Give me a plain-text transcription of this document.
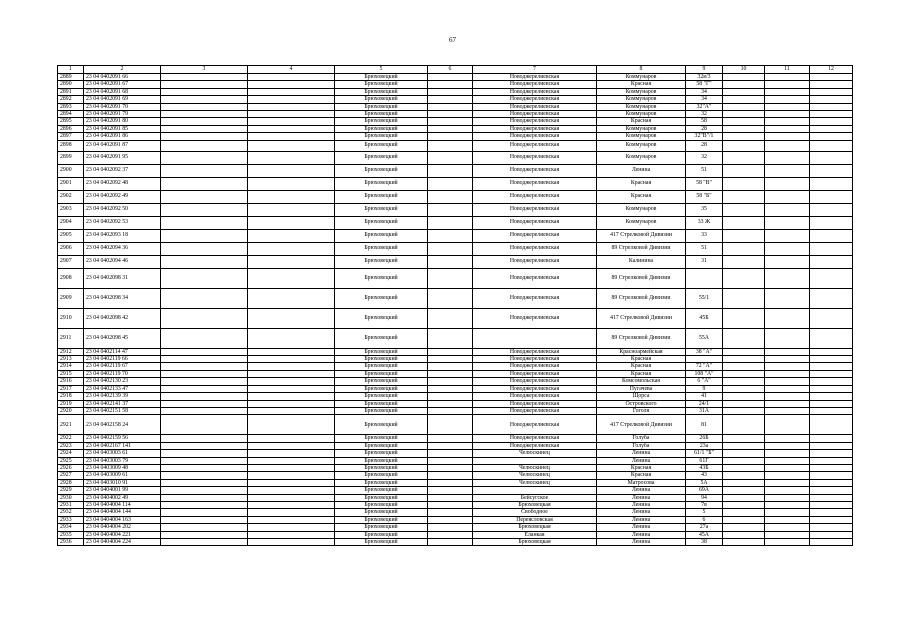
67
1	2	3	4	5	6	7	8	9	10	11	12
2889	23 04 0402091 66			Брюховецкий		Новоджерелиевская	Коммунаров	32в/3			
2890	23 04 0402091 67			Брюховецкий		Новоджерелиевская	Красная	58 "Г"			
2891	23 04 0402091 68			Брюховецкий		Новоджерелиевская	Коммунаров	34			
2892	23 04 0402091 69			Брюховецкий		Новоджерелиевская	Коммунаров	34			
2893	23 04 0402091 70			Брюховецкий		Новоджерелиевская	Коммунаров	32"А"			
2894	23 04 0402091 79			Брюховецкий		Новоджерелиевская	Коммунаров	32			
2895	23 04 0402091 80			Брюховецкий		Новоджерелиевская	Красная	58			
2896	23 04 0402091 85			Брюховецкий		Новоджерелиевская	Коммунаров	28			
2897	23 04 0402091 86			Брюховецкий		Новоджерелиевская	Коммунаров	32"В"/1			
2898	23 04 0402091 87			Брюховецкий		Новоджерелиевская	Коммунаров	28			
2899	23 04 0402091 95			Брюховецкий		Новоджерелиевская	Коммунаров	32			
2900	23 04 0402092 37			Брюховецкий		Новоджерелиевская	Ленина	51			
2901	23 04 0402092 48			Брюховецкий		Новоджерелиевская	Красная	58 "В"			
2902	23 04 0402092 49			Брюховецкий		Новоджерелиевская	Красная	58 "Б"			
2903	23 04 0402092 50			Брюховецкий		Новоджерелиевская	Коммунаров	35			
2904	23 04 0402092 53			Брюховецкий		Новоджерелиевская	Коммунаров	33 Ж			
2905	23 04 0402093 18			Брюховецкий		Новоджерелиевская	417 Стрелковой Дивизии	33			
2906	23 04 0402094 36			Брюховецкий		Новоджерелиевская	89 Стрелковой Дивизии	51			
2907	23 04 0402094 46			Брюховецкий		Новоджерелиевская	Калинина	31			
2908	23 04 0402098 31			Брюховецкий		Новоджерелиевская	89 Стрелковой Дивизии				
2909	23 04 0402098 34			Брюховецкий		Новоджерелиевская	89 Стрелковой Дивизии	55/1			
2910	23 04 0402098 42			Брюховецкий		Новоджерелиевская	417 Стрелковой Дивизии	45Б			
2911	23 04 0402098 45			Брюховецкий			89 Стрелковой Дивизии	55А			
2912	23 04 0402114 47			Брюховецкий		Новоджерелиевская	Красноармейская	38 "А"			
2913	23 04 0402119 66			Брюховецкий		Новоджерелиевская	Красная				
2914	23 04 0402119 67			Брюховецкий		Новоджерелиевская	Красная	72 "А"			
2915	23 04 0402119 70			Брюховецкий		Новоджерелиевская	Красная	108 "А"			
2916	23 04 0402130 23			Брюховецкий		Новоджерелиевская	Комсомольская	6 "А"			
2917	23 04 0402133 47			Брюховецкий		Новоджерелиевская	Пугачева	9			
2918	23 04 0402139 39			Брюховецкий		Новоджерелиевская	Щорса	41			
2919	23 04 0402141 37			Брюховецкий		Новоджерелиевская	Островского	24/1			
2920	23 04 0402151 58			Брюховецкий		Новоджерелиевская	Гоголя	31А			
2921	23 04 0402158 24			Брюховецкий		Новоджерелиевская	417 Стрелковой Дивизии	81			
2922	23 04 0402159 56			Брюховецкий		Новоджерелиевская	Голуба	26Б			
2923	23 04 0402167 141			Брюховецкий		Новоджерелиевская	Голуба	23а			
2924	23 04 0403003 61			Брюховецкий		Челюскинец	Ленина	61/1 "Б"			
2925	23 04 0403003 79			Брюховецкий			Ленина	61Г			
2926	23 04 0403009 48			Брюховецкий		Челюскинец	Красная	43Б			
2927	23 04 0403009 61			Брюховецкий		Челюскинец	Красная	43			
2928	23 04 0403010 91			Брюховецкий		Челюскинец	Матросова	5А			
2929	23 04 0404001 99			Брюховецкий			Ленина	69А			
2930	23 04 0404002 49			Брюховецкий		Бейсугское	Ленина	94			
2931	23 04 0404004 114			Брюховецкий		Брюховецкая	Ленина	7в			
2932	23 04 0404004 144			Брюховецкий		Свободное	Ленина	5			
2933	23 04 0404004 163			Брюховецкий		Переясловская	Ленина	6			
2934	23 04 0404004 202			Брюховецкий		Брюховецкая	Ленина	27а			
2935	23 04 0404004 221			Брюховецкий		Еланкая	Ленина	45А			
2936	23 04 0404004 224			Брюховецкий		Брюховецкая	Ленина	38			
